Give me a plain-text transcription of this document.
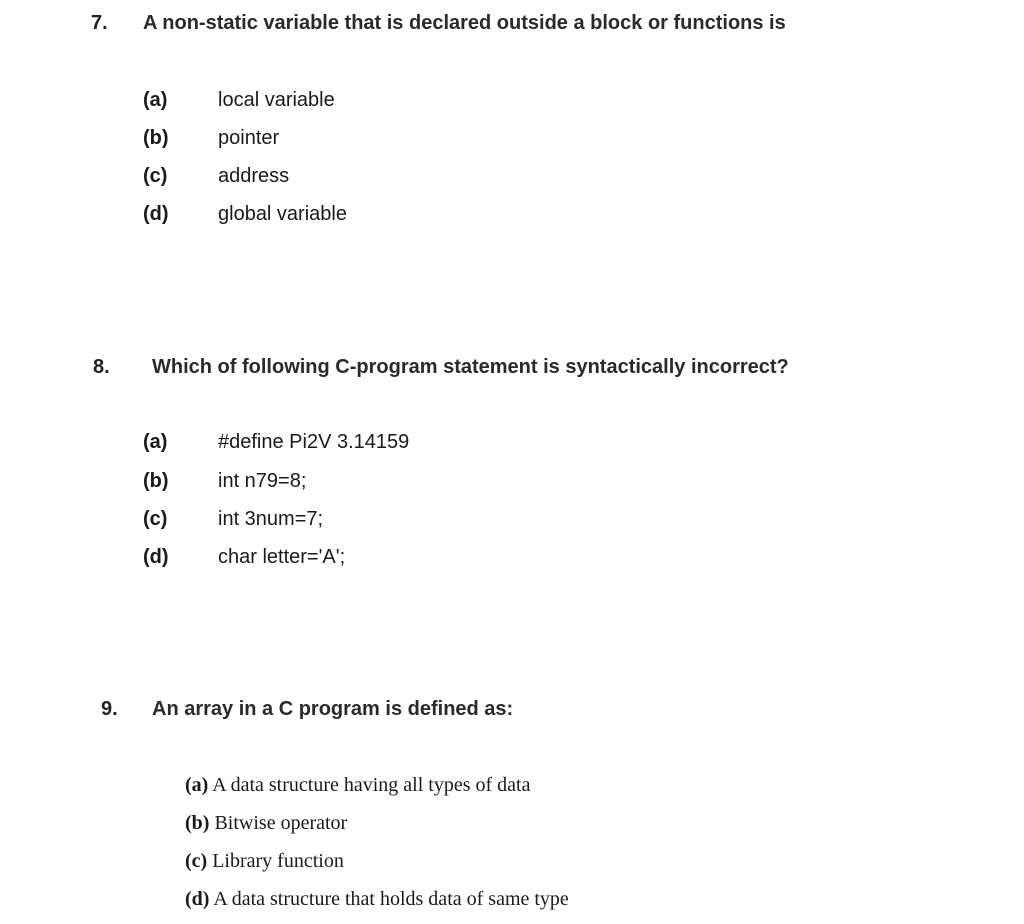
7. A non-static variable that is declared outside a block or functions is
(a)	local variable
(b) pointer
(c)	address
(d) global variable
8. Which of following C-program statement is syntactically incorrect?
(a)	#define Pi2V 3.14159
(b) int n79=8;
(c)	int 3num=7;
(d) char letter='A';
9. An array in a C program is defined as:
(a) A data structure having all types of data
(b) Bitwise operator
(c) Library function
(d) A data structure that holds data of same type
